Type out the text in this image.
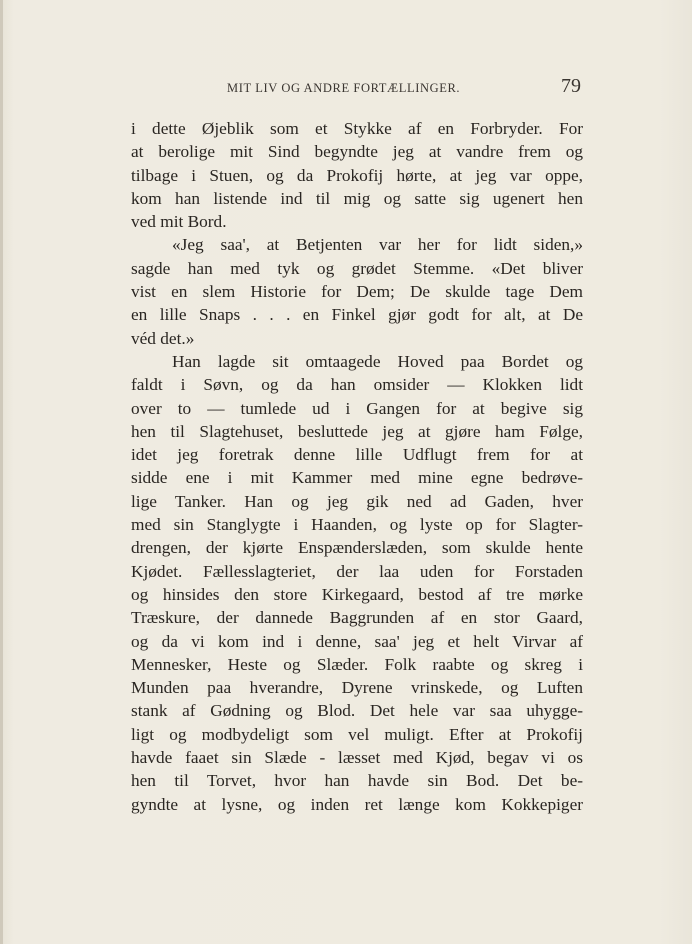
MIT LIV OG ANDRE FORTÆLLINGER.	79
i dette Øjeblik som et Stykke af en Forbryder. For
at berolige mit Sind begyndte jeg at vandre frem og
tilbage i Stuen, og da Prokofij hørte, at jeg var oppe,
kom han listende ind til mig og satte sig ugenert hen
ved mit Bord.
«Jeg saa', at Betjenten var her for lidt siden,»
sagde han med tyk og grødet Stemme. «Det bliver
vist en slem Historie for Dem; De skulde tage Dem
en lille Snaps . . . en Finkel gjør godt for alt, at De
véd det.»
Han lagde sit omtaagede Hoved paa Bordet og
faldt i Søvn, og da han omsider — Klokken lidt
over to — tumlede ud i Gangen for at begive sig
hen til Slagtehuset, besluttede jeg at gjøre ham Følge,
idet jeg foretrak denne lille Udflugt frem for at
sidde ene i mit Kammer med mine egne bedrøve-
lige Tanker. Han og jeg gik ned ad Gaden, hver
med sin Stanglygte i Haanden, og lyste op for Slagter-
drengen, der kjørte Enspænderslæden, som skulde hente
Kjødet. Fællesslagteriet, der laa uden for Forstaden
og hinsides den store Kirkegaard, bestod af tre mørke
Træskure, der dannede Baggrunden af en stor Gaard,
og da vi kom ind i denne, saa' jeg et helt Virvar af
Mennesker, Heste og Slæder. Folk raabte og skreg i
Munden paa hverandre, Dyrene vrinskede, og Luften
stank af Gødning og Blod. Det hele var saa uhygge-
ligt og modbydeligt som vel muligt. Efter at Prokofij
havde faaet sin Slæde - læsset med Kjød, begav vi os
hen til Torvet, hvor han havde sin Bod. Det be-
gyndte at lysne, og inden ret længe kom Kokkepiger
